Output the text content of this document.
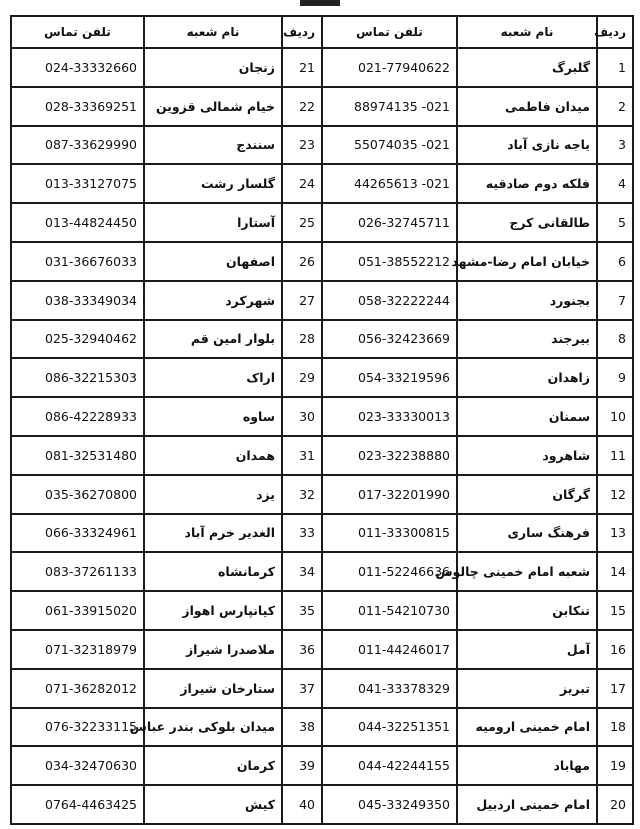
ردیف	نام شعبه	تلفن تماس	ردیف	نام شعبه	تلفن تماس
1	گلبرگ	021-77940622	21	زنجان	024-33332660
2	میدان فاطمی	88974135 -021	22	خیام شمالی قزوین	028-33369251
3	یاجه نازی آباد	55074035 -021	23	سنندج	087-33629990
4	فلکه دوم صادقیه	44265613 -021	24	گلسار رشت	013-33127075
5	طالقانی کرج	026-32745711	25	آستارا	013-44824450
6	خیابان امام رضا-مشهد	051-38552212	26	اصفهان	031-36676033
7	بجنورد	058-32222244	27	شهرکرد	038-33349034
8	بیرجند	056-32423669	28	بلوار امین قم	025-32940462
9	زاهدان	054-33219596	29	اراک	086-32215303
10	سمنان	023-33330013	30	ساوه	086-42228933
11	شاهرود	023-32238880	31	همدان	081-32531480
12	گرگان	017-32201990	32	یزد	035-36270800
13	فرهنگ ساری	011-33300815	33	الغدیر خرم آباد	066-33324961
14	شعبه امام خمینی چالوس	011-52246636	34	کرمانشاه	083-37261133
15	تنکابن	011-54210730	35	کیانپارس اهواز	061-33915020
16	آمل	011-44246017	36	ملاصدرا شیراز	071-32318979
17	تبریز	041-33378329	37	ستارخان شیراز	071-36282012
18	امام خمینی ارومیه	044-32251351	38	میدان بلوکی بندر عباس	076-32233115
19	مهاباد	044-42244155	39	کرمان	034-32470630
20	امام خمینی اردبیل	045-33249350	40	کیش	0764-4463425
